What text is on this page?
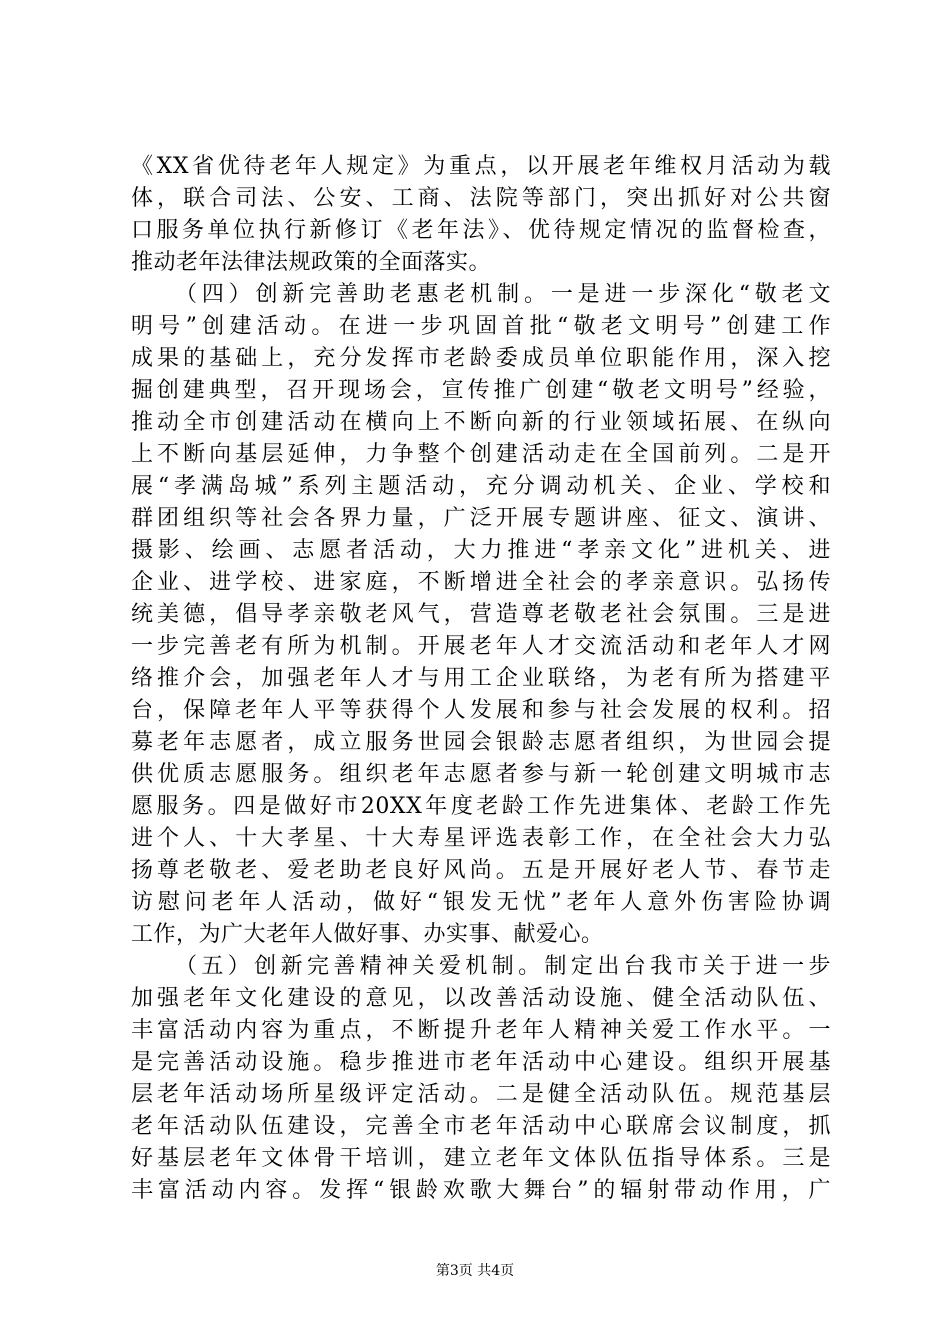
《XX省优待老年人规定》为重点，以开展老年维权月活动为载
体，联合司法、公安、工商、法院等部门，突出抓好对公共窗
口服务单位执行新修订《老年法》、优待规定情况的监督检查，
推动老年法律法规政策的全面落实。
（四）创新完善助老惠老机制。一是进一步深化“敬老文
明号”创建活动。在进一步巩固首批“敬老文明号”创建工作
成果的基础上，充分发挥市老龄委成员单位职能作用，深入挖
掘创建典型，召开现场会，宣传推广创建“敬老文明号”经验，
推动全市创建活动在横向上不断向新的行业领域拓展、在纵向
上不断向基层延伸，力争整个创建活动走在全国前列。二是开
展“孝满岛城”系列主题活动，充分调动机关、企业、学校和
群团组织等社会各界力量，广泛开展专题讲座、征文、演讲、
摄影、绘画、志愿者活动，大力推进“孝亲文化”进机关、进
企业、进学校、进家庭，不断增进全社会的孝亲意识。弘扬传
统美德，倡导孝亲敬老风气，营造尊老敬老社会氛围。三是进
一步完善老有所为机制。开展老年人才交流活动和老年人才网
络推介会，加强老年人才与用工企业联络，为老有所为搭建平
台，保障老年人平等获得个人发展和参与社会发展的权利。招
募老年志愿者，成立服务世园会银龄志愿者组织，为世园会提
供优质志愿服务。组织老年志愿者参与新一轮创建文明城市志
愿服务。四是做好市20XX年度老龄工作先进集体、老龄工作先
进个人、十大孝星、十大寿星评选表彰工作，在全社会大力弘
扬尊老敬老、爱老助老良好风尚。五是开展好老人节、春节走
访慰问老年人活动，做好“银发无忧”老年人意外伤害险协调
工作，为广大老年人做好事、办实事、献爱心。
（五）创新完善精神关爱机制。制定出台我市关于进一步
加强老年文化建设的意见，以改善活动设施、健全活动队伍、
丰富活动内容为重点，不断提升老年人精神关爱工作水平。一
是完善活动设施。稳步推进市老年活动中心建设。组织开展基
层老年活动场所星级评定活动。二是健全活动队伍。规范基层
老年活动队伍建设，完善全市老年活动中心联席会议制度，抓
好基层老年文体骨干培训，建立老年文体队伍指导体系。三是
丰富活动内容。发挥“银龄欢歌大舞台”的辐射带动作用，广
第3页 共4页
